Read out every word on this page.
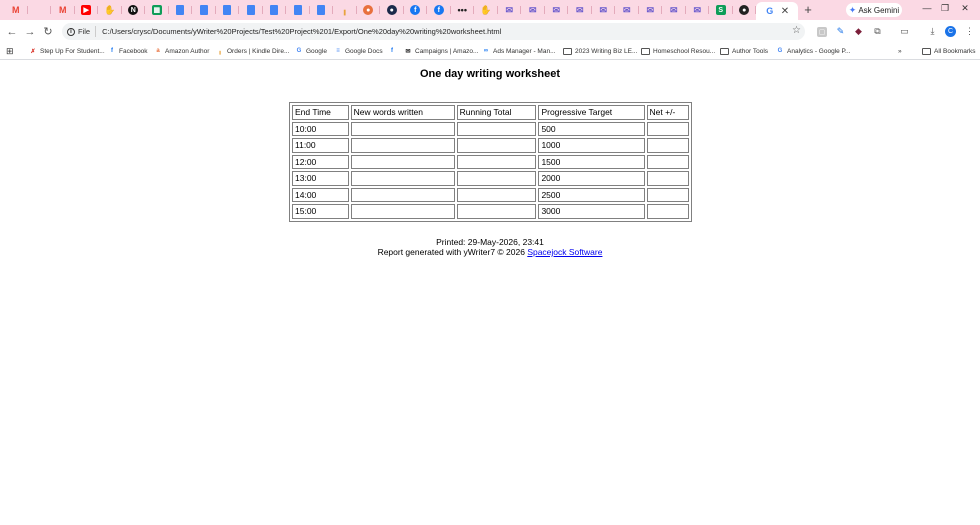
M	M	▶ ✋	N	▦	╻	●	●	f	f	••• ✋ ✉ ✉ ✉ ✉ ✉ ✉ ✉ ✉ ✉	S	●	G ✕	+	✦ Ask Gemini	—	❐	✕
← → ↻	i File C:/Users/crysc/Documents/yWriter%20Projects/Test%20Project%201/Export/One%20day%20writing%20worksheet.html	☆	▢	✎	◆	⧉	▭	⤓	C	⋮
⊞	»	All Bookmarks
✗ Step Up For Student...	f Facebook	a Amazon Author	╻ Orders | Kindle Dire... G Google	≡ Google Docs	f	✉ Campaigns | Amazo... ∞ Ads Manager - Man...	2023 Writing Biz LE... Homeschool Resou...	Author Tools G Analytics - Google P...
One day writing worksheet
End Time	New words written	Running Total	Progressive Target	Net +/-
10:00			500	
11:00			1000	
12:00			1500	
13:00			2000	
14:00			2500	
15:00			3000	
Printed: 29-May-2026, 23:41
Report generated with yWriter7 © 2026 Spacejock Software
